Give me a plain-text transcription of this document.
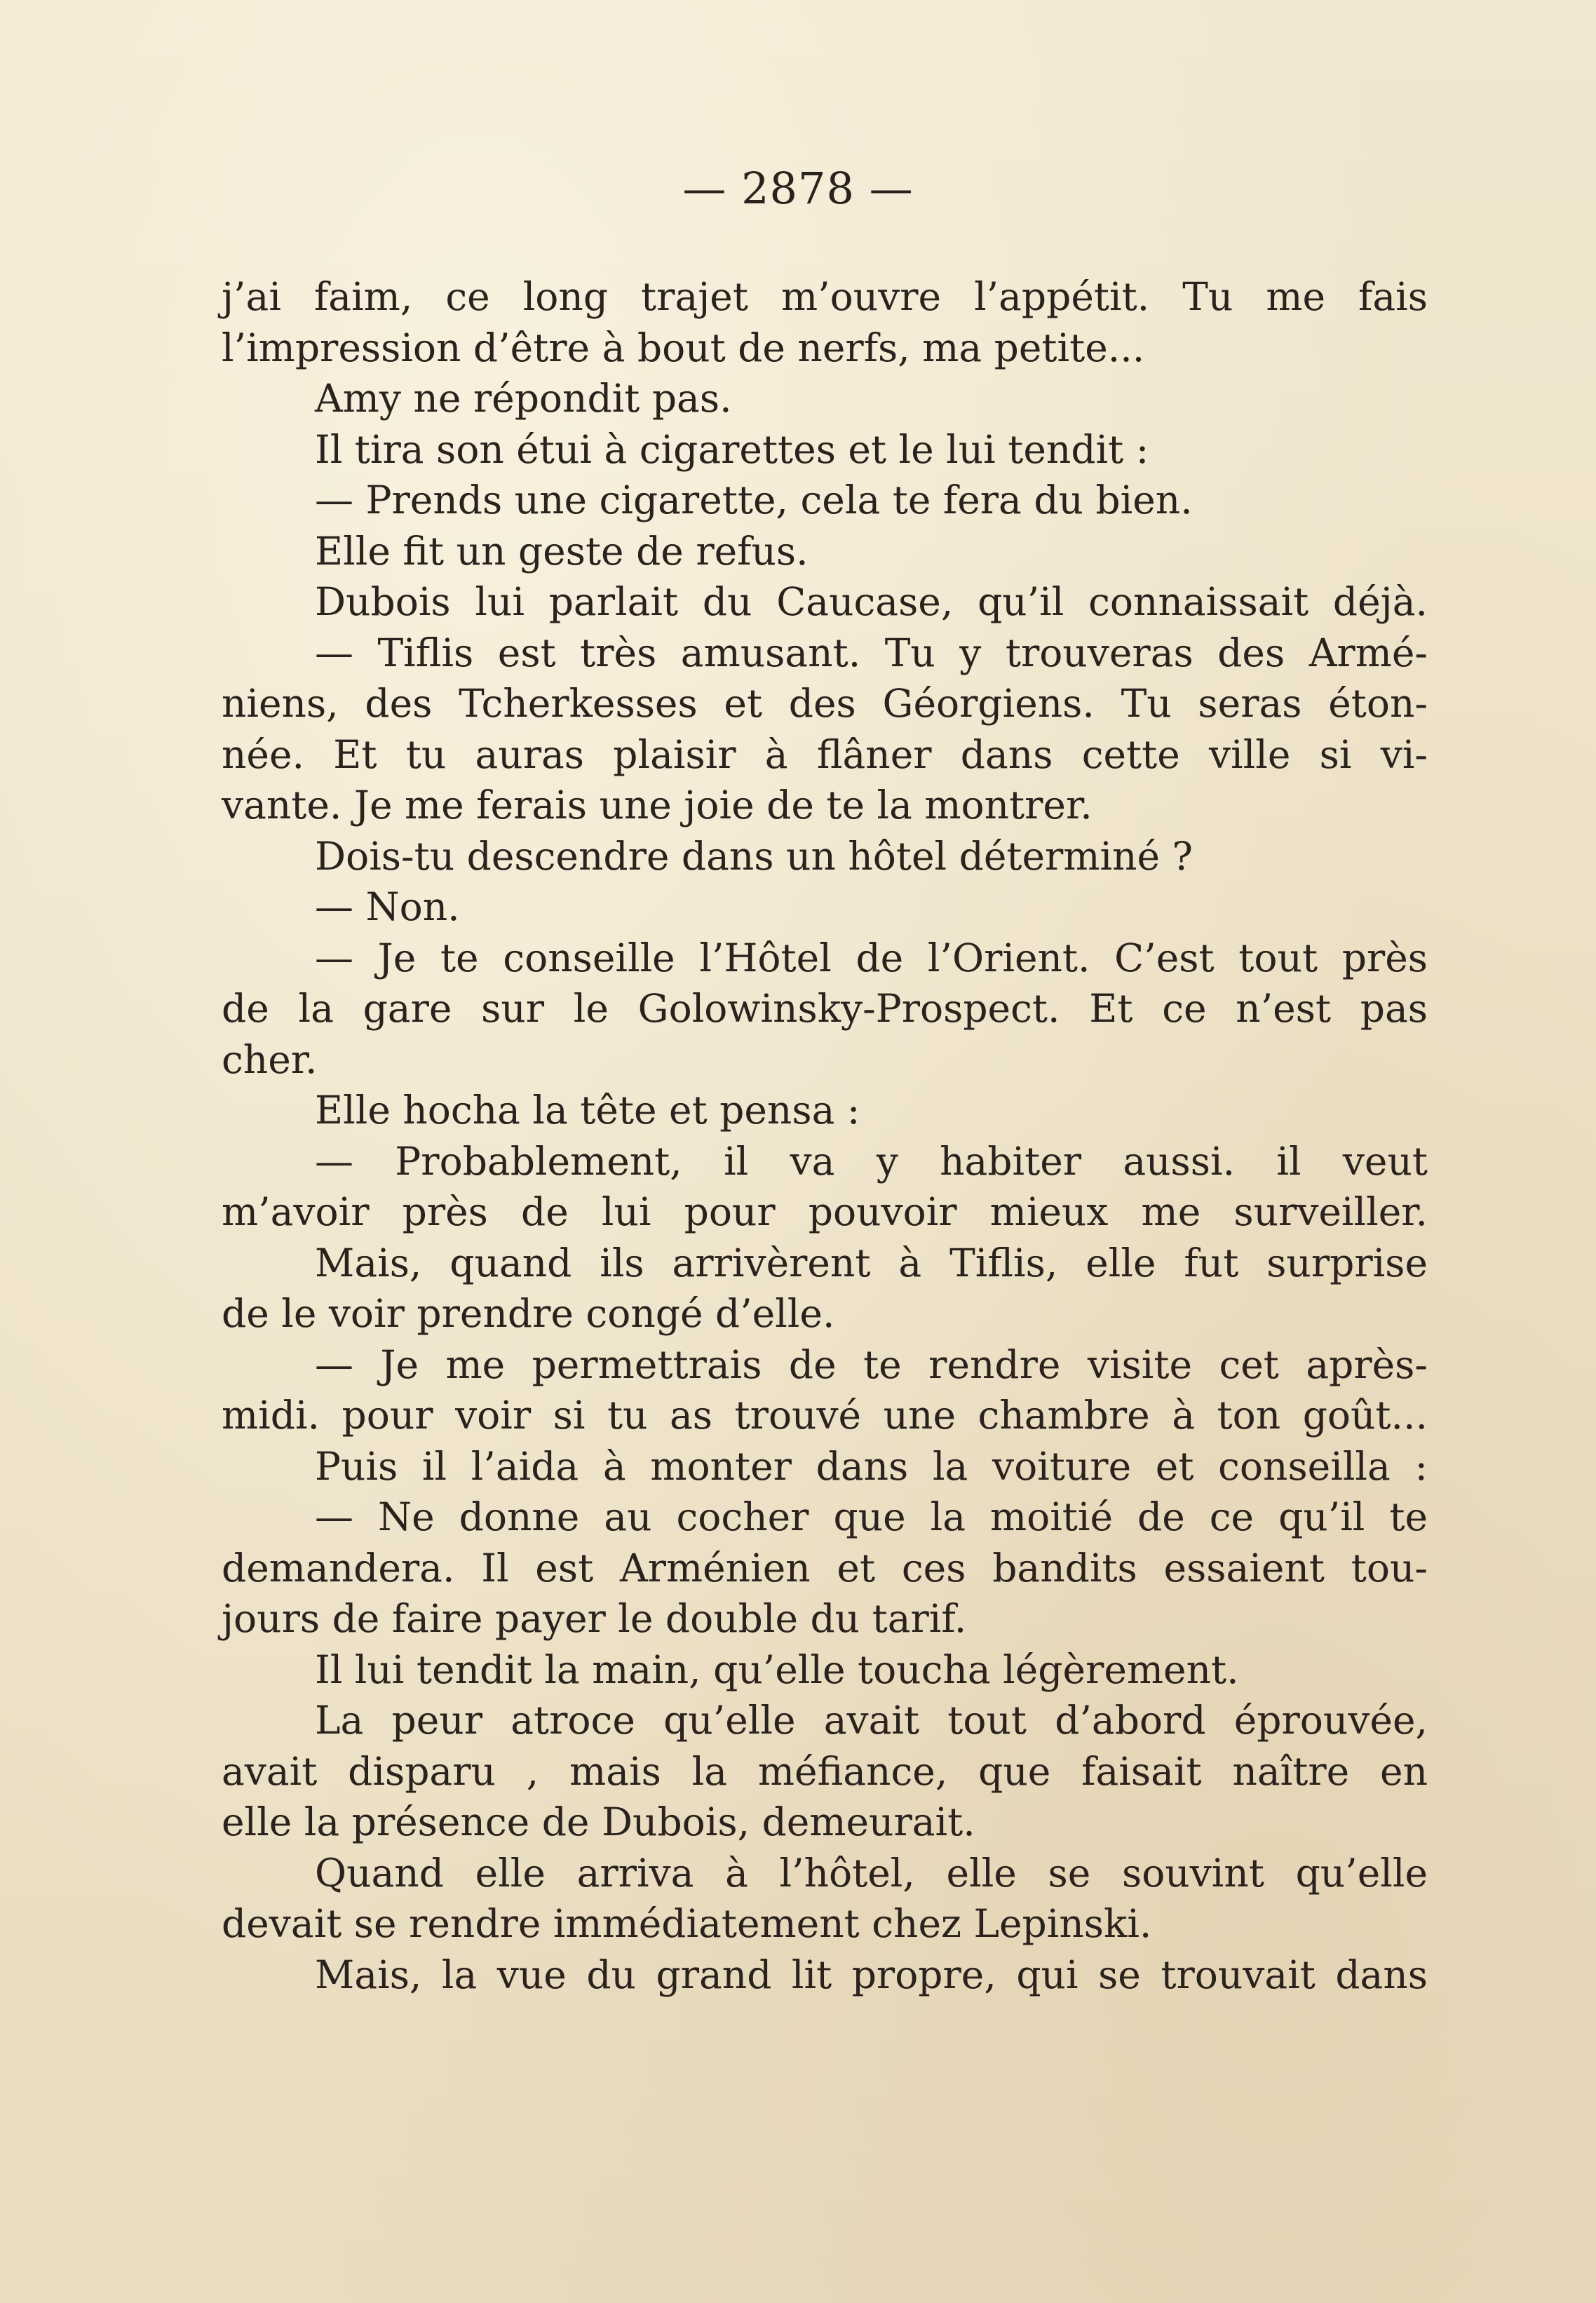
— 2878 —
j’ai faim, ce long trajet m’ouvre l’appétit. Tu me fais
l’impression d’être à bout de nerfs, ma petite...
Amy ne répondit pas.
Il tira son étui à cigarettes et le lui tendit :
— Prends une cigarette, cela te fera du bien.
Elle fit un geste de refus.
Dubois lui parlait du Caucase, qu’il connaissait déjà.
— Tiflis est très amusant. Tu y trouveras des Armé-
niens, des Tcherkesses et des Géorgiens. Tu seras éton-
née. Et tu auras plaisir à flâner dans cette ville si vi-
vante. Je me ferais une joie de te la montrer.
Dois-tu descendre dans un hôtel déterminé ?
— Non.
— Je te conseille l’Hôtel de l’Orient. C’est tout près
de la gare sur le Golowinsky-Prospect. Et ce n’est pas
cher.
Elle hocha la tête et pensa :
— Probablement, il va y habiter aussi. il veut
m’avoir près de lui pour pouvoir mieux me surveiller.
Mais, quand ils arrivèrent à Tiflis, elle fut surprise
de le voir prendre congé d’elle.
— Je me permettrais de te rendre visite cet après-
midi. pour voir si tu as trouvé une chambre à ton goût...
Puis il l’aida à monter dans la voiture et conseilla :
— Ne donne au cocher que la moitié de ce qu’il te
demandera. Il est Arménien et ces bandits essaient tou-
jours de faire payer le double du tarif.
Il lui tendit la main, qu’elle toucha légèrement.
La peur atroce qu’elle avait tout d’abord éprouvée,
avait disparu , mais la méfiance, que faisait naître en
elle la présence de Dubois, demeurait.
Quand elle arriva à l’hôtel, elle se souvint qu’elle
devait se rendre immédiatement chez Lepinski.
Mais, la vue du grand lit propre, qui se trouvait dans
